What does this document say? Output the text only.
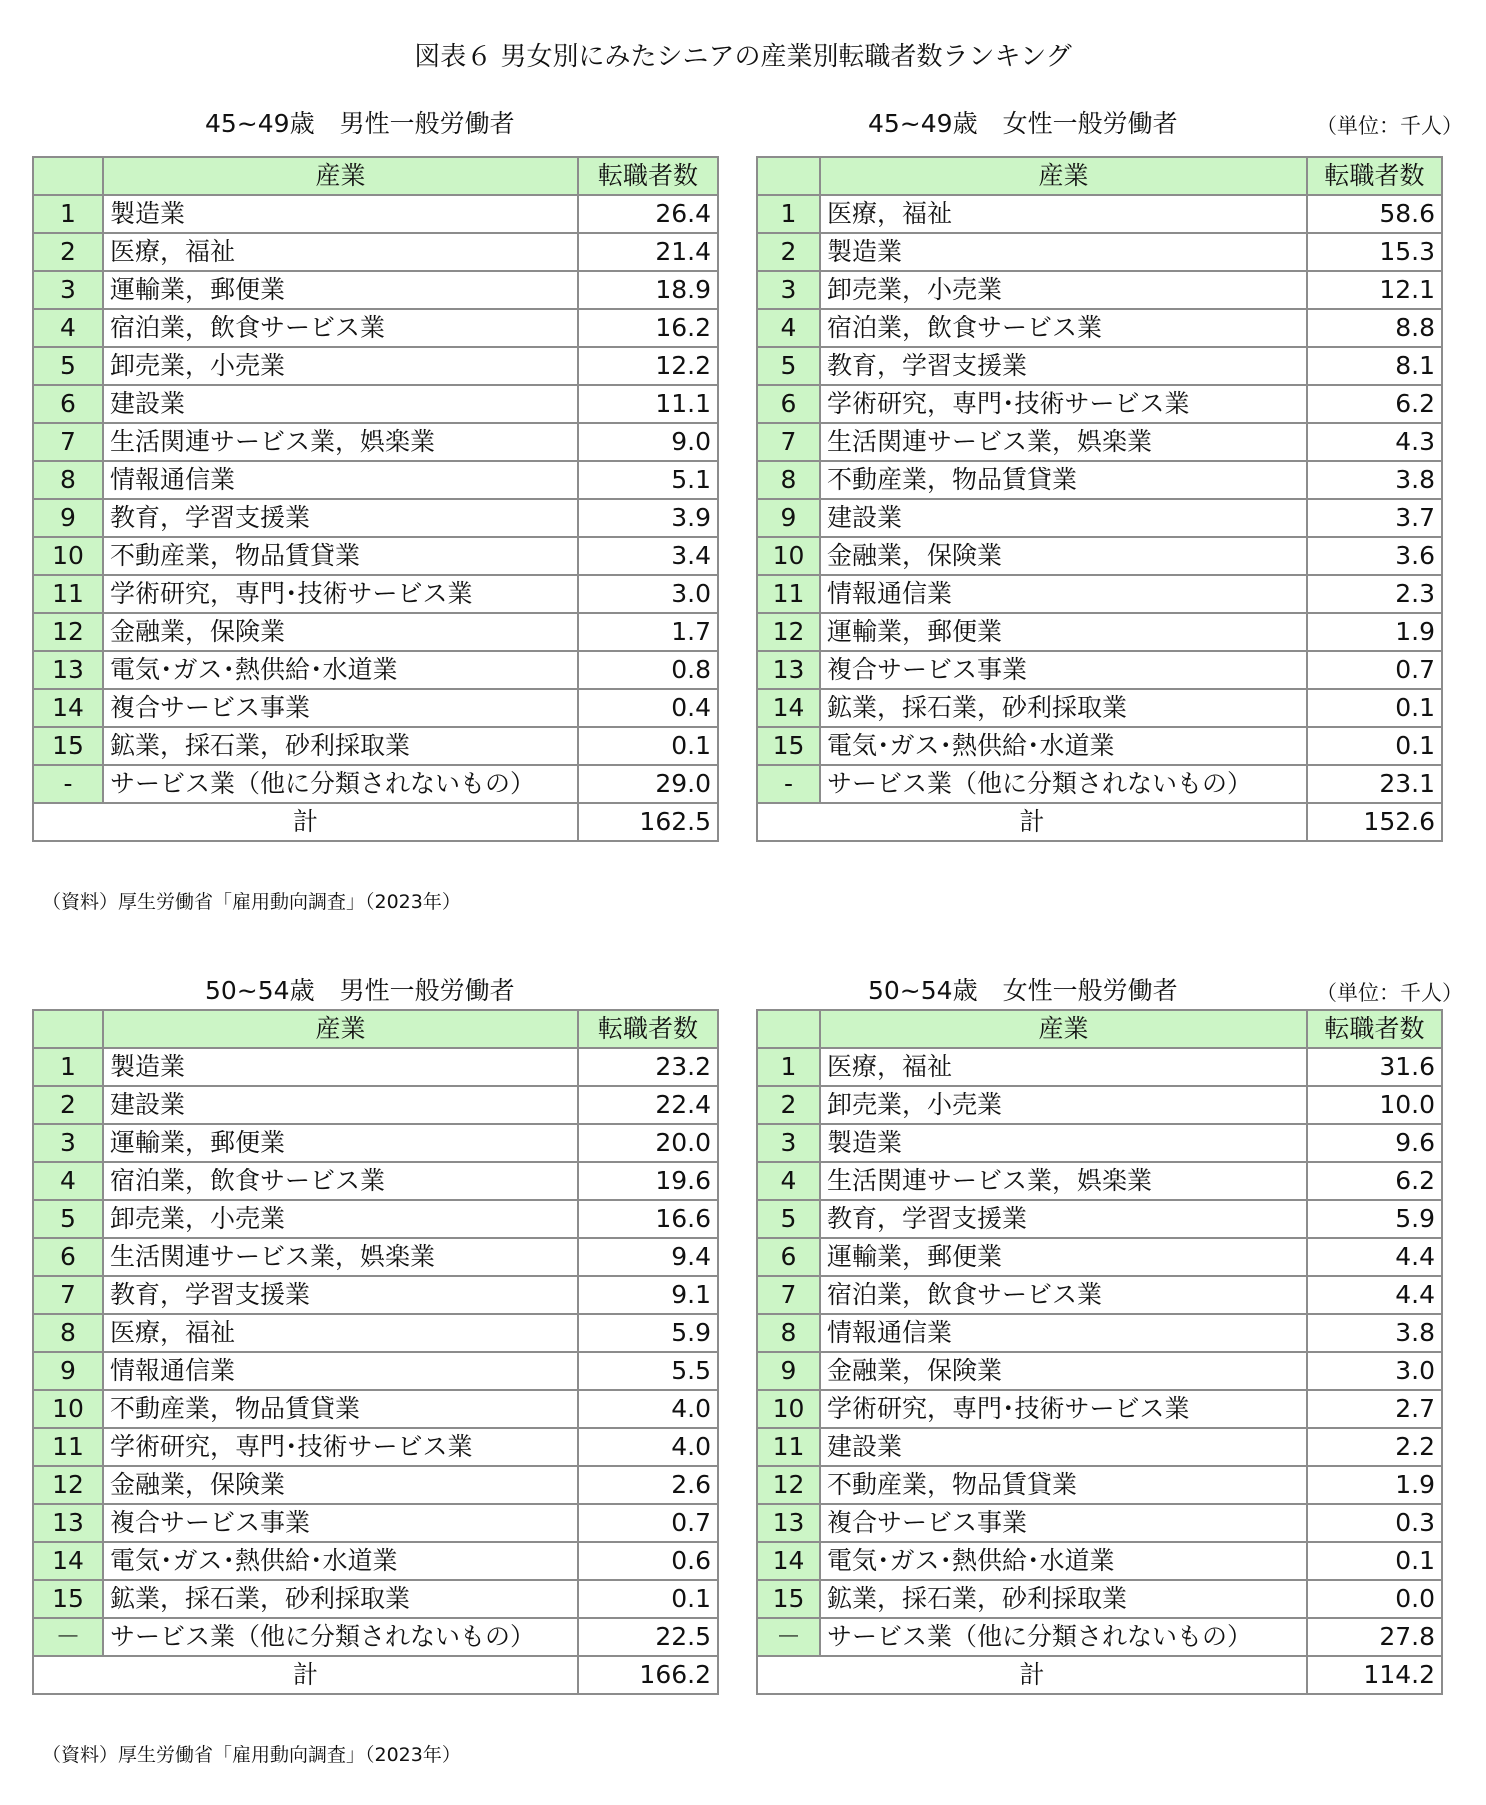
図表６ 男女別にみたシニアの産業別転職者数ランキング
45~49歳　男性一般労働者
	産業	転職者数
1	製造業	26.4
2	医療，福祉	21.4
3	運輸業，郵便業	18.9
4	宿泊業，飲食サービス業	16.2
5	卸売業，小売業	12.2
6	建設業	11.1
7	生活関連サービス業，娯楽業	9.0
8	情報通信業	5.1
9	教育，学習支援業	3.9
10	不動産業，物品賃貸業	3.4
11	学術研究，専門･技術サービス業	3.0
12	金融業，保険業	1.7
13	電気･ガス･熱供給･水道業	0.8
14	複合サービス事業	0.4
15	鉱業，採石業，砂利採取業	0.1
-	サービス業（他に分類されないもの）	29.0
計		162.5
45~49歳　女性一般労働者	（単位：千人）
	産業	転職者数
1	医療，福祉	58.6
2	製造業	15.3
3	卸売業，小売業	12.1
4	宿泊業，飲食サービス業	8.8
5	教育，学習支援業	8.1
6	学術研究，専門･技術サービス業	6.2
7	生活関連サービス業，娯楽業	4.3
8	不動産業，物品賃貸業	3.8
9	建設業	3.7
10	金融業，保険業	3.6
11	情報通信業	2.3
12	運輸業，郵便業	1.9
13	複合サービス事業	0.7
14	鉱業，採石業，砂利採取業	0.1
15	電気･ガス･熱供給･水道業	0.1
-	サービス業（他に分類されないもの）	23.1
計		152.6
（資料）厚生労働省「雇用動向調査」（2023年）
50~54歳　男性一般労働者
	産業	転職者数
1	製造業	23.2
2	建設業	22.4
3	運輸業，郵便業	20.0
4	宿泊業，飲食サービス業	19.6
5	卸売業，小売業	16.6
6	生活関連サービス業，娯楽業	9.4
7	教育，学習支援業	9.1
8	医療，福祉	5.9
9	情報通信業	5.5
10	不動産業，物品賃貸業	4.0
11	学術研究，専門･技術サービス業	4.0
12	金融業，保険業	2.6
13	複合サービス事業	0.7
14	電気･ガス･熱供給･水道業	0.6
15	鉱業，採石業，砂利採取業	0.1
－	サービス業（他に分類されないもの）	22.5
計		166.2
50~54歳　女性一般労働者	（単位：千人）
	産業	転職者数
1	医療，福祉	31.6
2	卸売業，小売業	10.0
3	製造業	9.6
4	生活関連サービス業，娯楽業	6.2
5	教育，学習支援業	5.9
6	運輸業，郵便業	4.4
7	宿泊業，飲食サービス業	4.4
8	情報通信業	3.8
9	金融業，保険業	3.0
10	学術研究，専門･技術サービス業	2.7
11	建設業	2.2
12	不動産業，物品賃貸業	1.9
13	複合サービス事業	0.3
14	電気･ガス･熱供給･水道業	0.1
15	鉱業，採石業，砂利採取業	0.0
－	サービス業（他に分類されないもの）	27.8
計		114.2
（資料）厚生労働省「雇用動向調査」（2023年）
